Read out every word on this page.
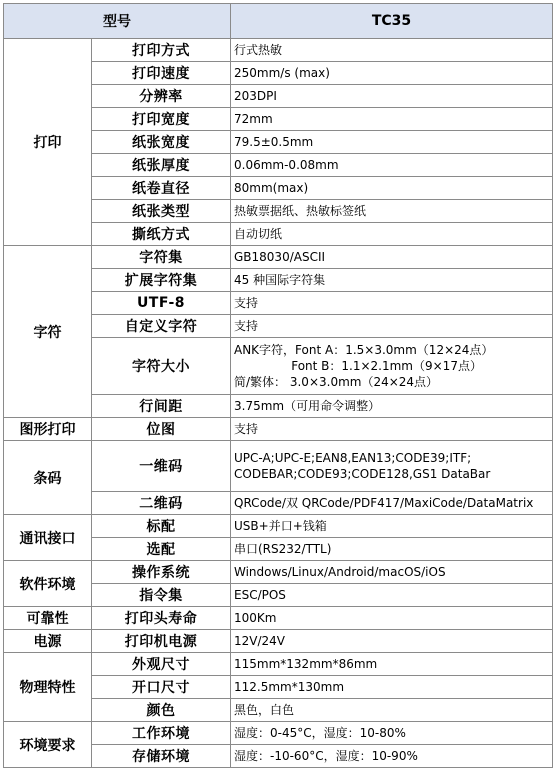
型号		TC35
打印	打印方式	行式热敏
	打印速度	250mm/s (max)
	分辨率	203DPI
	打印宽度	72mm
	纸张宽度	79.5±0.5mm
	纸张厚度	0.06mm-0.08mm
	纸卷直径	80mm(max)
	纸张类型	热敏票据纸、热敏标签纸
	撕纸方式	自动切纸
字符	字符集	GB18030/ASCII
	扩展字符集	45 种国际字符集
	UTF-8	支持
	自定义字符	支持
	字符大小	ANK字符，Font A：1.5×3.0mm（12×24点）
Font B：1.1×2.1mm（9×17点）
简/繁体： 3.0×3.0mm（24×24点）

	行间距	3.75mm（可用命令调整）
图形打印	位图	支持
条码	一维码	UPC-A;UPC-E;EAN8,EAN13;CODE39;ITF;
CODEBAR;CODE93;CODE128,GS1 DataBar

	二维码	QRCode/双 QRCode/PDF417/MaxiCode/DataMatrix
通讯接口	标配	USB+并口+钱箱
	选配	串口(RS232/TTL)
软件环境	操作系统	Windows/Linux/Android/macOS/iOS
	指令集	ESC/POS
可靠性	打印头寿命	100Km
电源	打印机电源	12V/24V
物理特性	外观尺寸	115mm*132mm*86mm
	开口尺寸	112.5mm*130mm
	颜色	黑色，白色
环境要求	工作环境	湿度：0-45°C，湿度：10-80%
	存储环境	湿度：-10-60°C，湿度：10-90%
